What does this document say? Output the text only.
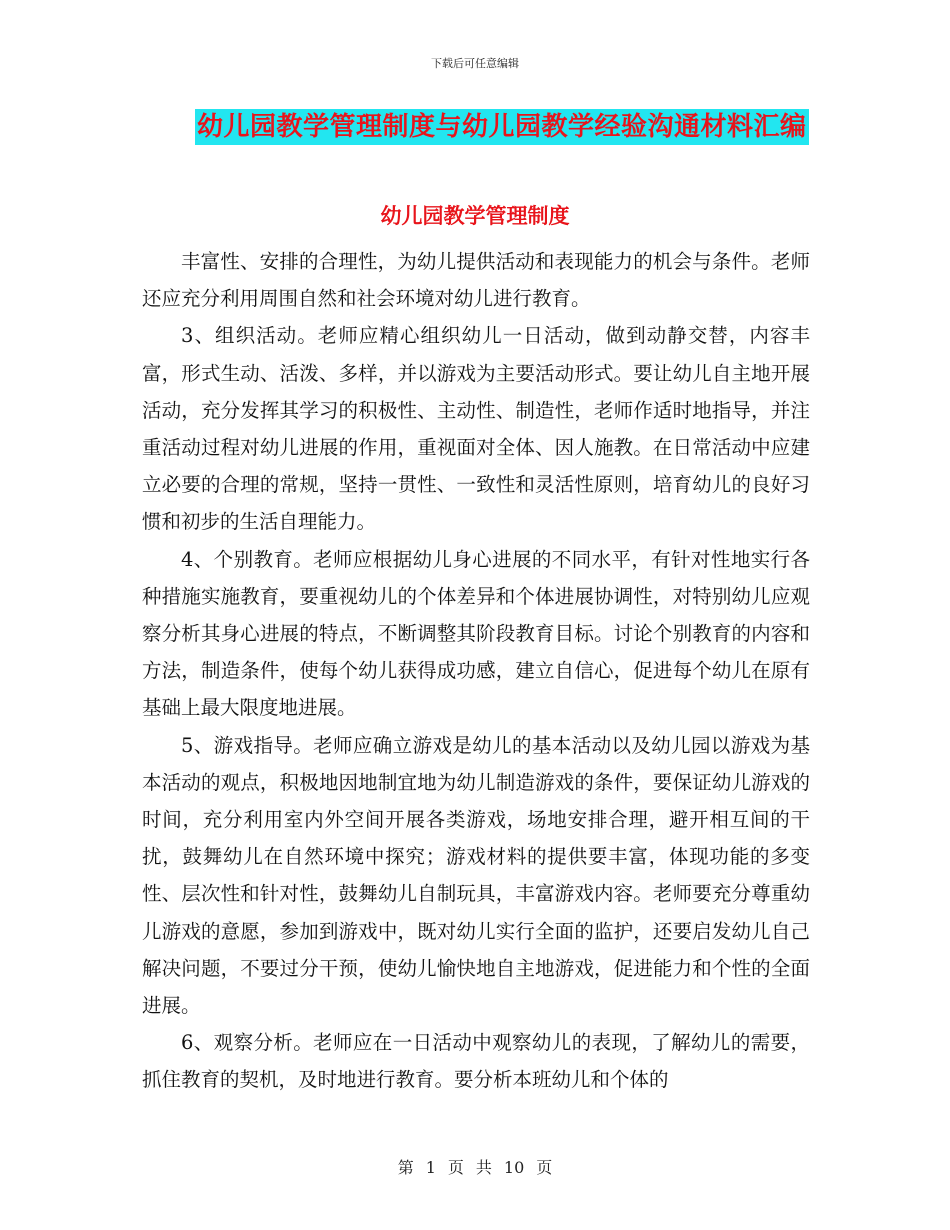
下载后可任意编辑
幼儿园教学管理制度与幼儿园教学经验沟通材料汇编
幼儿园教学管理制度

丰富性、安排的合理性，为幼儿提供活动和表现能力的机会与条件。老师还应充分利用周围自然和社会环境对幼儿进行教育。

3、组织活动。老师应精心组织幼儿一日活动，做到动静交替，内容丰富，形式生动、活泼、多样，并以游戏为主要活动形式。要让幼儿自主地开展活动，充分发挥其学习的积极性、主动性、制造性，老师作适时地指导，并注重活动过程对幼儿进展的作用，重视面对全体、因人施教。在日常活动中应建立必要的合理的常规，坚持一贯性、一致性和灵活性原则，培育幼儿的良好习惯和初步的生活自理能力。

4、个别教育。老师应根据幼儿身心进展的不同水平，有针对性地实行各种措施实施教育，要重视幼儿的个体差异和个体进展协调性，对特别幼儿应观察分析其身心进展的特点，不断调整其阶段教育目标。讨论个别教育的内容和方法，制造条件，使每个幼儿获得成功感，建立自信心，促进每个幼儿在原有基础上最大限度地进展。

5、游戏指导。老师应确立游戏是幼儿的基本活动以及幼儿园以游戏为基本活动的观点，积极地因地制宜地为幼儿制造游戏的条件，要保证幼儿游戏的时间，充分利用室内外空间开展各类游戏，场地安排合理，避开相互间的干扰，鼓舞幼儿在自然环境中探究；游戏材料的提供要丰富，体现功能的多变性、层次性和针对性，鼓舞幼儿自制玩具，丰富游戏内容。老师要充分尊重幼儿游戏的意愿，参加到游戏中，既对幼儿实行全面的监护，还要启发幼儿自己解决问题，不要过分干预，使幼儿愉快地自主地游戏，促进能力和个性的全面进展。

6、观察分析。老师应在一日活动中观察幼儿的表现，了解幼儿的需要，抓住教育的契机，及时地进行教育。要分析本班幼儿和个体的

第 1 页 共 10 页
